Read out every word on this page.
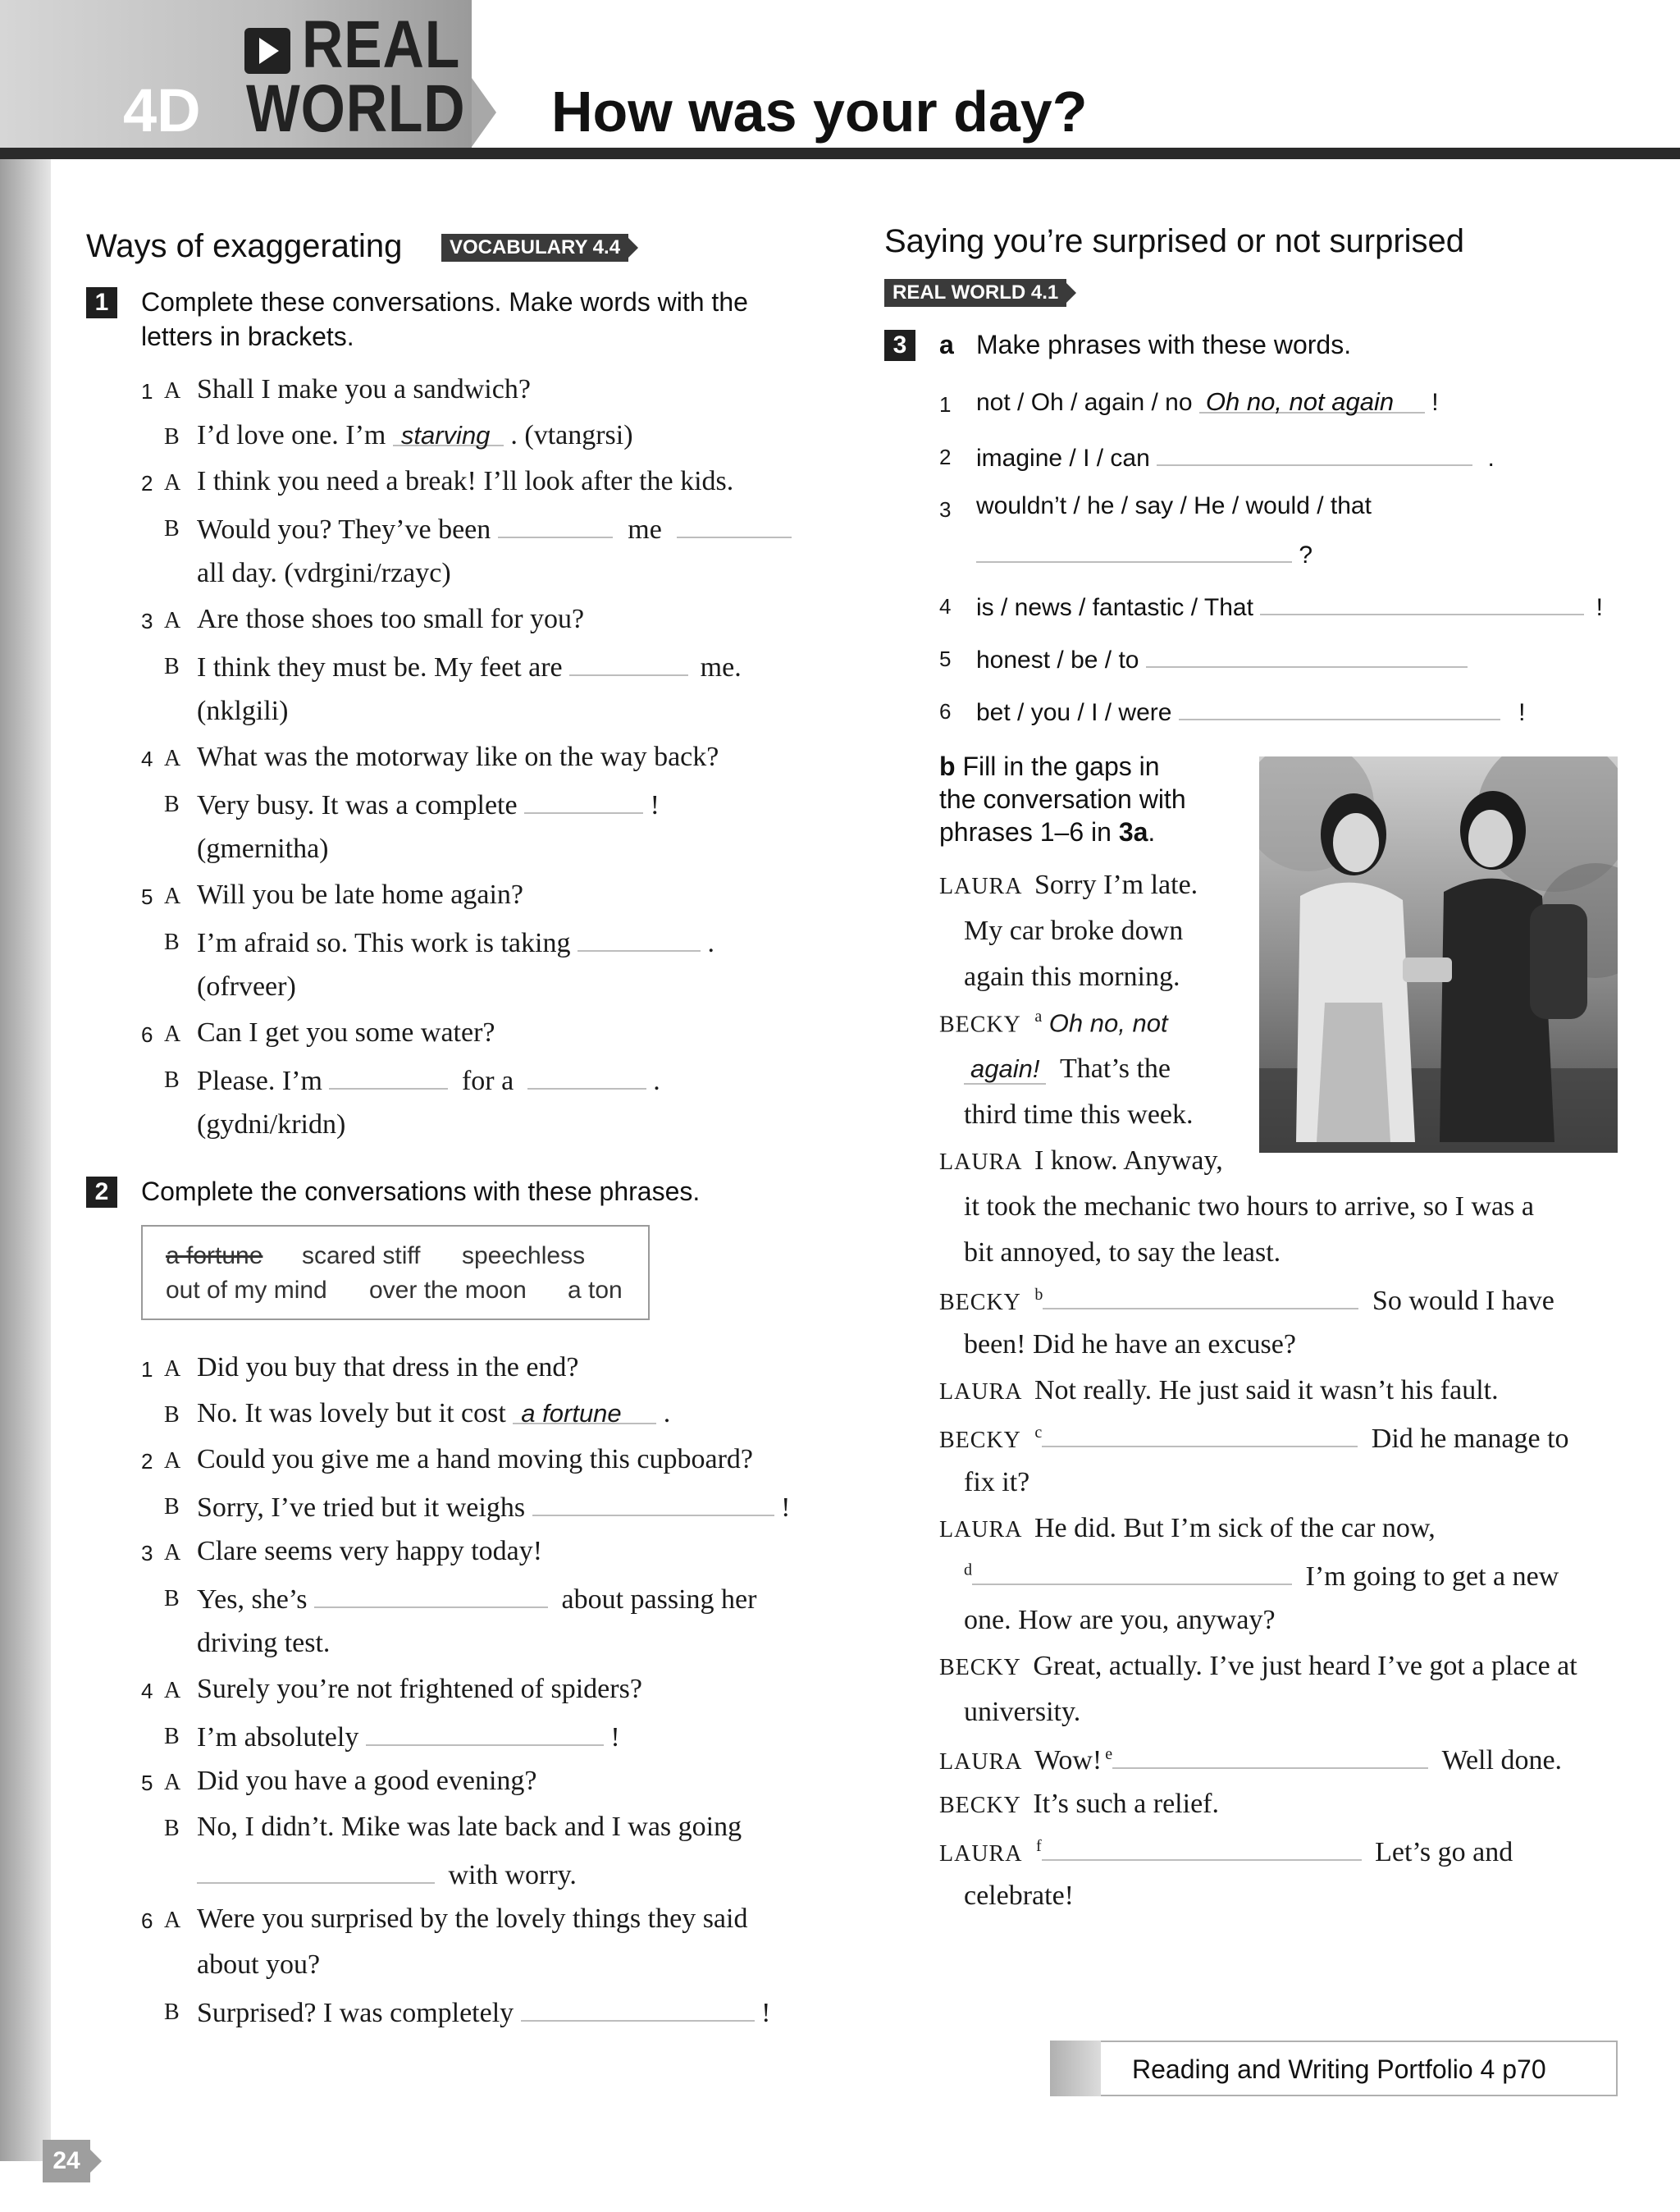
REAL
4D WORLD How was your day?
Ways of exaggerating	VOCABULARY 4.4
1	Complete these conversations. Make words with the
letters in brackets.
1 A Shall I make you a sandwich?
B I’d love one. I’m starving . (vtangrsi)
2 A I think you need a break! I’ll look after the kids.
B Would you? They’ve been	me
all day. (vdrgini/rzayc)
3 A Are those shoes too small for you?
B I think they must be. My feet are	me.
(nklgili)
4 A What was the motorway like on the way back?
B Very busy. It was a complete	!
(gmernitha)
5 A Will you be late home again?
B I’m afraid so. This work is taking	.
(ofrveer)
6 A Can I get you some water?
B Please. I’m	for a	.
(gydni/kridn)
2	Complete the conversations with these phrases.
a fortune scared stiff speechless
out of my mind over the moon a ton
1 A Did you buy that dress in the end?
B No. It was lovely but it cost a fortune .
2 A Could you give me a hand moving this cupboard?
B Sorry, I’ve tried but it weighs	!
3 A Clare seems very happy today!
B Yes, she’s	about passing her
driving test.
4 A Surely you’re not frightened of spiders?
B I’m absolutely	!
5 A Did you have a good evening?
B No, I didn’t. Mike was late back and I was going
with worry.
6 A Were you surprised by the lovely things they said
about you?
B Surprised? I was completely	!
Saying you’re surprised or not surprised
REAL WORLD 4.1
3	a Make phrases with these words.
1 not / Oh / again / no Oh no, not again !
2 imagine / I / can	.
3 wouldn’t / he / say / He / would / that
?
4 is / news / fantastic / That	!
5 honest / be / to
6 bet / you / I / were	!
b Fill in the gaps in
the conversation with
phrases 1–6 in 3a.
LAURA Sorry I’m late.
My car broke down
again this morning.
BECKY $^a$ Oh no, not
again! That’s the
third time this week.
LAURA I know. Anyway,
it took the mechanic two hours to arrive, so I was a
bit annoyed, to say the least.
BECKY $^b$	So would I have
been! Did he have an excuse?
LAURA Not really. He just said it wasn’t his fault.
BECKY $^c$	Did he manage to
fix it?
LAURA He did. But I’m sick of the car now,
$^d$	I’m going to get a new
one. How are you, anyway?
BECKY Great, actually. I’ve just heard I’ve got a place at
university.
LAURA Wow! $^e$	Well done.
BECKY It’s such a relief.
LAURA $^f$	Let’s go and
celebrate!
Reading and Writing Portfolio 4 p70
24
